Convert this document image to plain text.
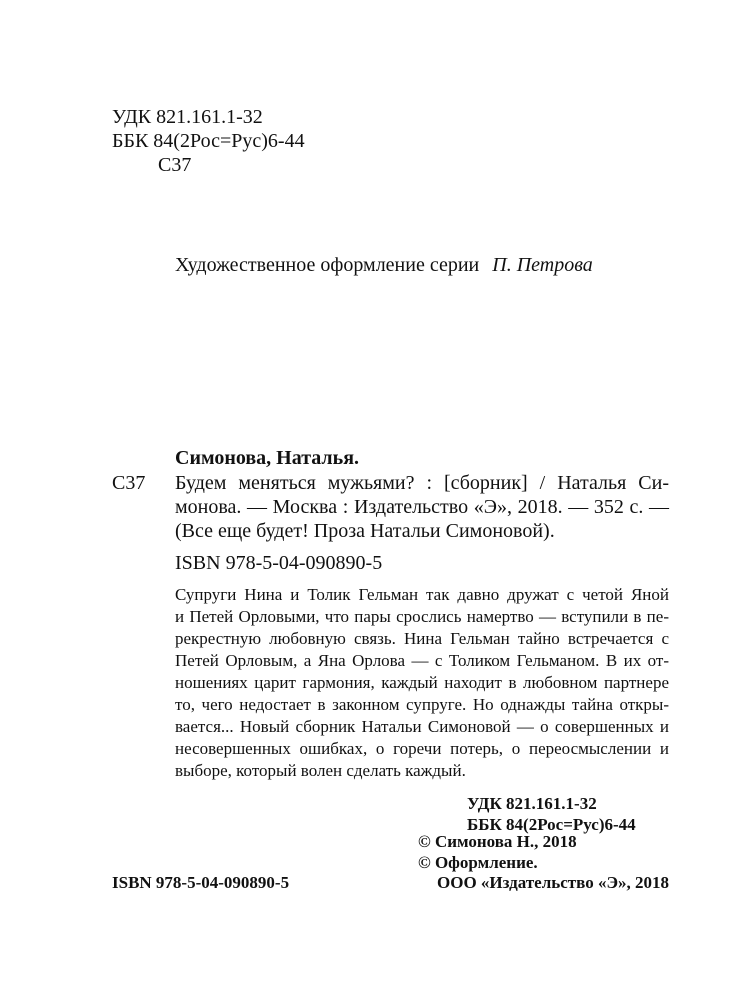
УДК 821.161.1-32
ББК 84(2Рос=Рус)6-44
С37
Художественное оформление серии П. Петрова
Симонова, Наталья.
С37 Будем меняться мужьями? : [сборник] / Наталья Си-
монова. — Москва : Издательство «Э», 2018. — 352 с. —
(Все еще будет! Проза Натальи Симоновой).
ISBN 978-5-04-090890-5
Супруги Нина и Толик Гельман так давно дружат с четой Яной
и Петей Орловыми, что пары срослись намертво — вступили в пе-
рекрестную любовную связь. Нина Гельман тайно встречается с
Петей Орловым, а Яна Орлова — с Толиком Гельманом. В их от-
ношениях царит гармония, каждый находит в любовном партнере
то, чего недостает в законном супруге. Но однажды тайна откры-
вается... Новый сборник Натальи Симоновой — о совершенных и
несовершенных ошибках, о горечи потерь, о переосмыслении и
выборе, который волен сделать каждый.
УДК 821.161.1-32
ББК 84(2Рос=Рус)6-44
© Симонова Н., 2018
© Оформление.
ООО «Издательство «Э», 2018
ISBN 978-5-04-090890-5
